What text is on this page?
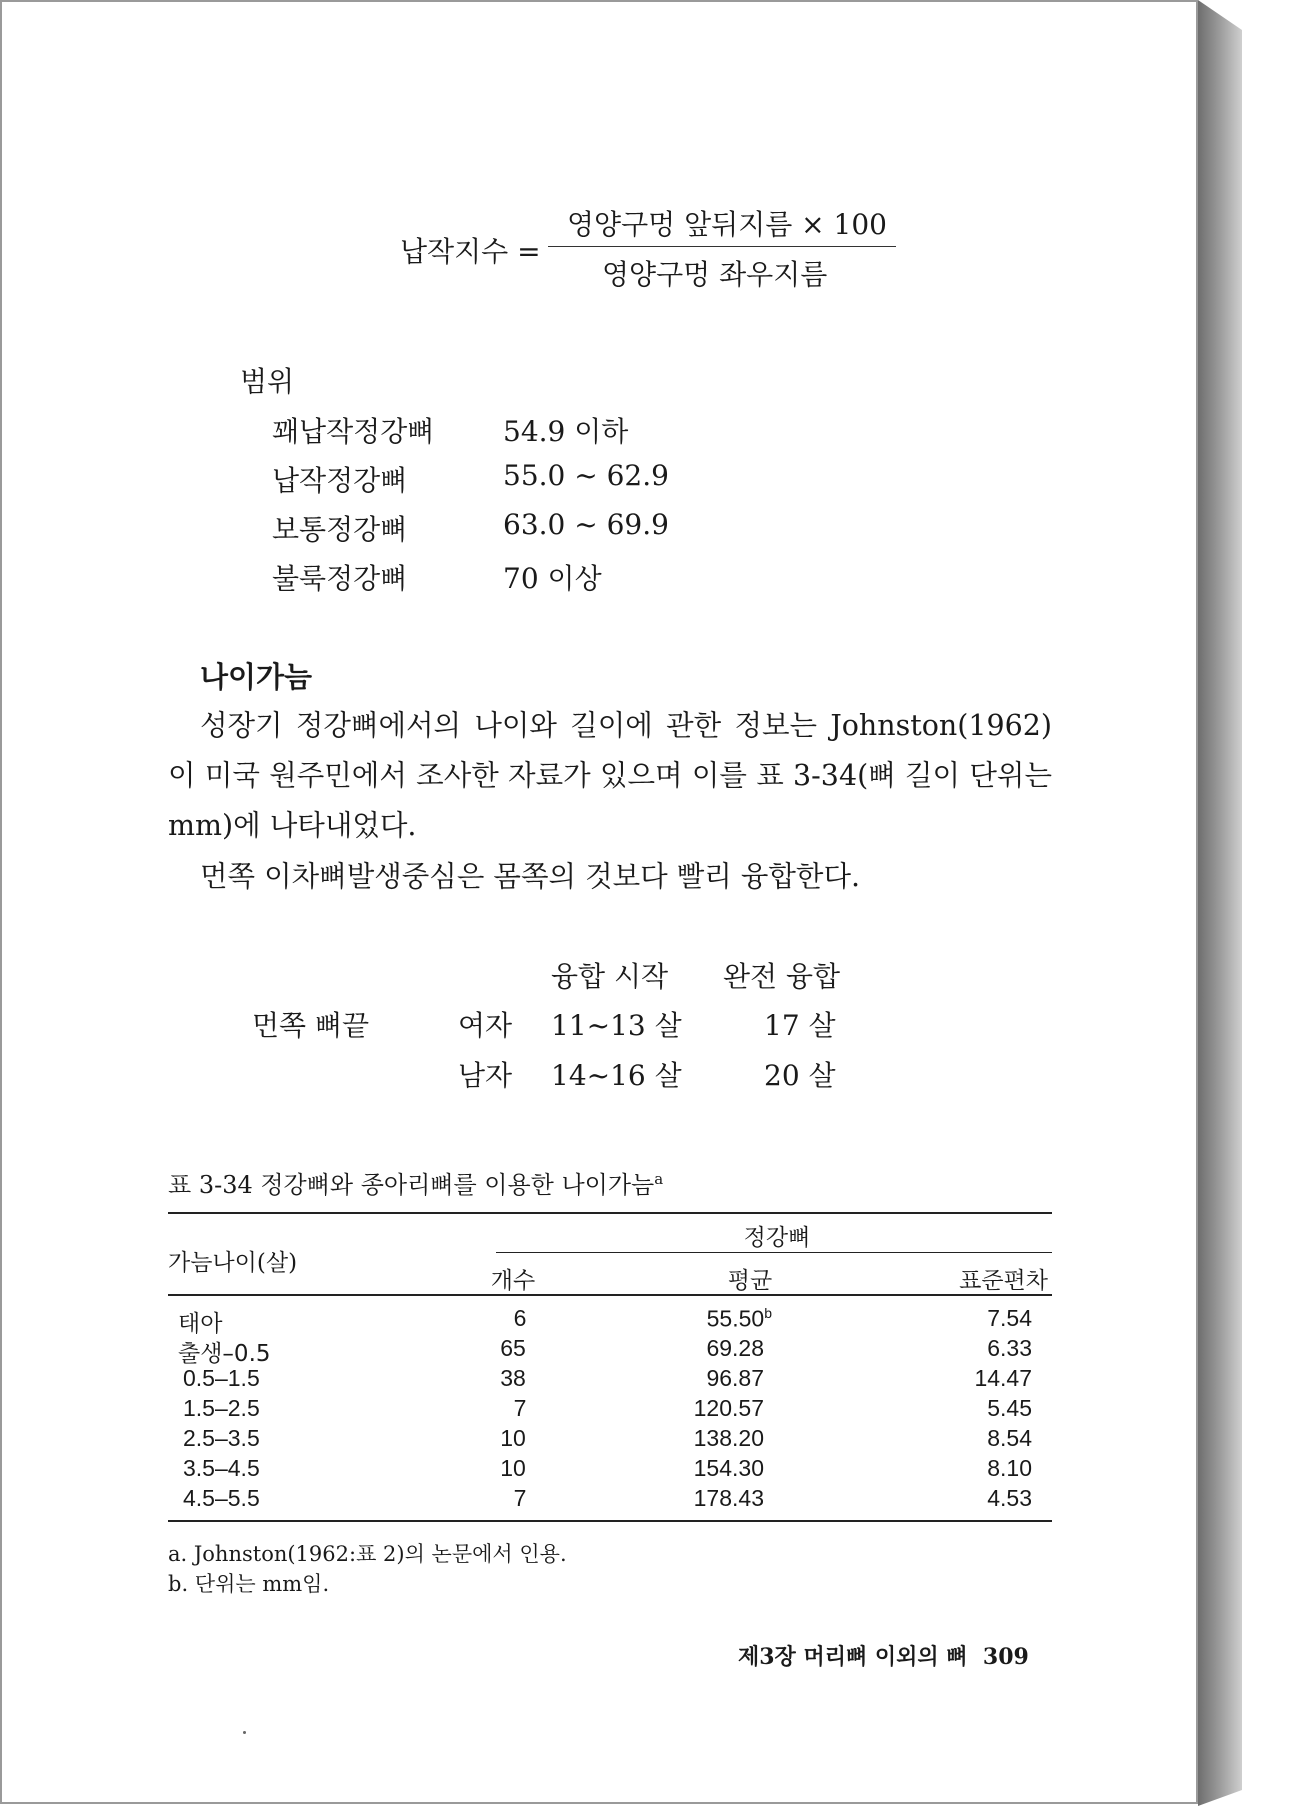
납작지수 =
영양구멍 앞뒤지름 × 100
영양구멍 좌우지름
범위
꽤납작정강뼈 54.9 이하
납작정강뼈	55.0 ~ 62.9
보통정강뼈	63.0 ~ 69.9
불룩정강뼈	70 이상
나이가늠
성장기 정강뼈에서의 나이와 길이에 관한 정보는 Johnston(1962)이 미국 원주민에서 조사한 자료가 있으며 이를 표 3-34(뼈 길이 단위는 mm)에 나타내었다.
먼쪽 이차뼈발생중심은 몸쪽의 것보다 빨리 융합한다.
융합 시작 완전 융합
먼쪽 뼈끝	여자 11~13 살	17 살
남자 14~16 살	20 살
표 3-34 정강뼈와 종아리뼈를 이용한 나이가늠$^a$
정강뼈
가늠나이(살)
개수	평균	표준편차
태아	6	55.50$^b$	7.54
출생–0.5	65	69.28	6.33
0.5–1.5	38	96.87	14.47
1.5–2.5	7	120.57	5.45
2.5–3.5	10	138.20	8.54
3.5–4.5	10	154.30	8.10
4.5–5.5	7	178.43	4.53
a. Johnston(1962:표 2)의 논문에서 인용.
b. 단위는 mm임.
제3장 머리뼈 이외의 뼈 309
